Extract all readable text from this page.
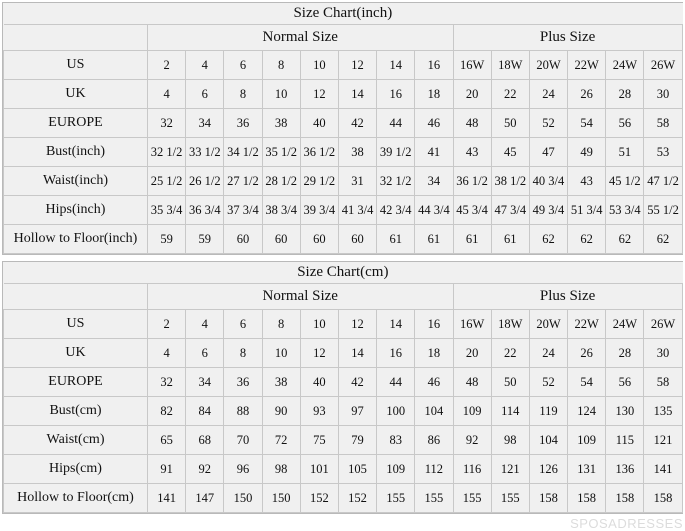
Size Chart(inch)														
	Normal Size								Plus Size					
US	2	4	6	8	10	12	14	16	16W	18W	20W	22W	24W	26W
UK	4	6	8	10	12	14	16	18	20	22	24	26	28	30
EUROPE	32	34	36	38	40	42	44	46	48	50	52	54	56	58
Bust(inch)	32 1/2	33 1/2	34 1/2	35 1/2	36 1/2	38	39 1/2	41	43	45	47	49	51	53
Waist(inch)	25 1/2	26 1/2	27 1/2	28 1/2	29 1/2	31	32 1/2	34	36 1/2	38 1/2	40 3/4	43	45 1/2	47 1/2
Hips(inch)	35 3/4	36 3/4	37 3/4	38 3/4	39 3/4	41 3/4	42 3/4	44 3/4	45 3/4	47 3/4	49 3/4	51 3/4	53 3/4	55 1/2
Hollow to Floor(inch)	59	59	60	60	60	60	61	61	61	61	62	62	62	62
Size Chart(cm)														
	Normal Size								Plus Size					
US	2	4	6	8	10	12	14	16	16W	18W	20W	22W	24W	26W
UK	4	6	8	10	12	14	16	18	20	22	24	26	28	30
EUROPE	32	34	36	38	40	42	44	46	48	50	52	54	56	58
Bust(cm)	82	84	88	90	93	97	100	104	109	114	119	124	130	135
Waist(cm)	65	68	70	72	75	79	83	86	92	98	104	109	115	121
Hips(cm)	91	92	96	98	101	105	109	112	116	121	126	131	136	141
Hollow to Floor(cm)	141	147	150	150	152	152	155	155	155	155	158	158	158	158
SPOSADRESSES
